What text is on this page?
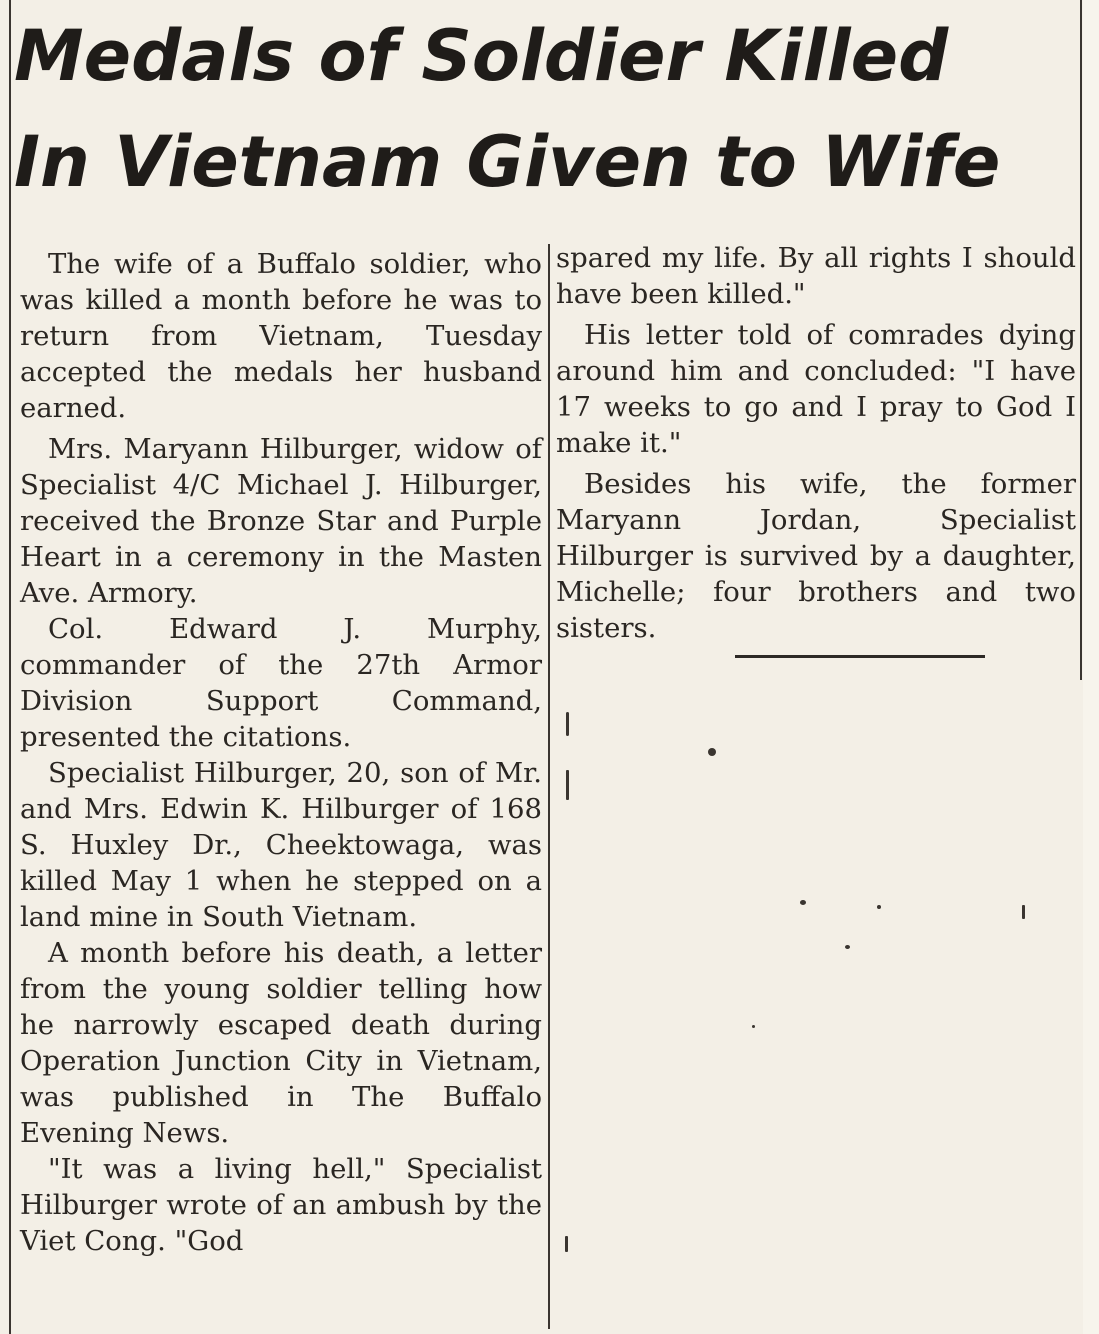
Medals of Soldier Killed
In Vietnam Given to Wife

The wife of a Buffalo soldier, who was killed a month before he was to return from Vietnam, Tuesday accepted the medals her husband earned.

Mrs. Maryann Hilburger, widow of Specialist 4/C Michael J. Hilburger, received the Bronze Star and Purple Heart in a ceremony in the Masten Ave. Armory.

Col. Edward J. Murphy, commander of the 27th Armor Division Support Command, presented the citations.

Specialist Hilburger, 20, son of Mr. and Mrs. Edwin K. Hilburger of 168 S. Huxley Dr., Cheektowaga, was killed May 1 when he stepped on a land mine in South Vietnam.

A month before his death, a letter from the young soldier telling how he narrowly escaped death during Operation Junction City in Vietnam, was published in The Buffalo Evening News.

"It was a living hell," Specialist Hilburger wrote of an ambush by the Viet Cong. "God

spared my life. By all rights I should have been killed."

His letter told of comrades dying around him and concluded: "I have 17 weeks to go and I pray to God I make it."

Besides his wife, the former Maryann Jordan, Specialist Hilburger is survived by a daughter, Michelle; four brothers and two sisters.
